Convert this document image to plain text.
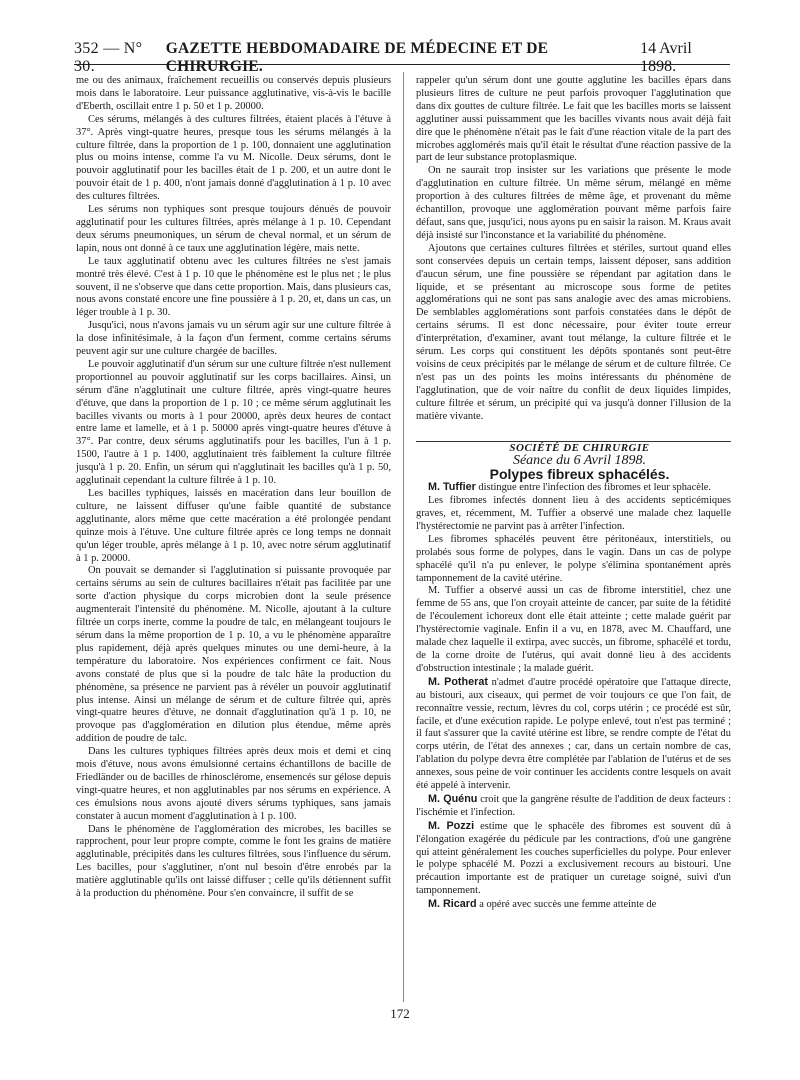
352 — N° 30.
GAZETTE HEBDOMADAIRE DE MÉDECINE ET DE CHIRURGIE.
14 Avril 1898.

me ou des animaux, fraîchement recueillis ou conservés depuis plusieurs mois dans le laboratoire. Leur puissance agglutinative, vis-à-vis le bacille d'Eberth, oscillait entre 1 p. 50 et 1 p. 20000.

Ces sérums, mélangés à des cultures filtrées, étaient placés à l'étuve à 37°. Après vingt-quatre heures, presque tous les sérums mélangés à la culture filtrée, dans la proportion de 1 p. 100, donnaient une agglutination plus ou moins intense, comme l'a vu M. Nicolle. Deux sérums, dont le pouvoir agglutinatif pour les bacilles était de 1 p. 200, et un autre dont le pouvoir était de 1 p. 400, n'ont jamais donné d'agglutination à 1 p. 10 avec des cultures filtrées.

Les sérums non typhiques sont presque toujours dénués de pouvoir agglutinatif pour les cultures filtrées, après mélange à 1 p. 10. Cependant deux sérums pneumoniques, un sérum de cheval normal, et un sérum de lapin, nous ont donné à ce taux une agglutination légère, mais nette.

Le taux agglutinatif obtenu avec les cultures filtrées ne s'est jamais montré très élevé. C'est à 1 p. 10 que le phénomène est le plus net ; le plus souvent, il ne s'observe que dans cette proportion. Mais, dans plusieurs cas, nous avons constaté encore une fine poussière à 1 p. 20, et, dans un cas, un léger trouble à 1 p. 30.

Jusqu'ici, nous n'avons jamais vu un sérum agir sur une culture filtrée à la dose infinitésimale, à la façon d'un ferment, comme certains sérums peuvent agir sur une culture chargée de bacilles.

Le pouvoir agglutinatif d'un sérum sur une culture filtrée n'est nullement proportionnel au pouvoir agglutinatif sur les corps bacillaires. Ainsi, un sérum d'âne n'agglutinait une culture filtrée, après vingt-quatre heures d'étuve, que dans la proportion de 1 p. 10 ; ce même sérum agglutinait les bacilles vivants ou morts à 1 pour 20000, après deux heures de contact entre lame et lamelle, et à 1 p. 50000 après vingt-quatre heures d'étuve à 37°. Par contre, deux sérums agglutinatifs pour les bacilles, l'un à 1 p. 1500, l'autre à 1 p. 1400, agglutinaient très faiblement la culture filtrée jusqu'à 1 p. 20. Enfin, un sérum qui n'agglutinait les bacilles qu'à 1 p. 50, agglutinait cependant la culture filtrée à 1 p. 10.

Les bacilles typhiques, laissés en macération dans leur bouillon de culture, ne laissent diffuser qu'une faible quantité de substance agglutinante, alors même que cette macération a été prolongée pendant quinze mois à l'étuve. Une culture filtrée après ce long temps ne donnait qu'un léger trouble, après mélange à 1 p. 10, avec notre sérum agglutinatif à 1 p. 20000.

On pouvait se demander si l'agglutination si puissante provoquée par certains sérums au sein de cultures bacillaires n'était pas facilitée par une sorte d'action physique du corps microbien dont la seule présence augmenterait l'intensité du phénomène. M. Nicolle, ajoutant à la culture filtrée un corps inerte, comme la poudre de talc, en mélangeant toujours le sérum dans la même proportion de 1 p. 10, a vu le phénomène apparaître plus rapidement, déjà après quelques minutes ou une demi-heure, à la température du laboratoire. Nos expériences confirment ce fait. Nous avons constaté de plus que si la poudre de talc hâte la production du phénomène, sa présence ne parvient pas à révéler un pouvoir agglutinatif plus intense. Ainsi un mélange de sérum et de culture filtrée qui, après vingt-quatre heures d'étuve, ne donnait d'agglutination qu'à 1 p. 10, ne provoque pas d'agglomération en dilution plus étendue, même après addition de poudre de talc.

Dans les cultures typhiques filtrées après deux mois et demi et cinq mois d'étuve, nous avons émulsionné certains échantillons de bacille de Friedländer ou de bacilles de rhinosclérome, ensemencés sur gélose depuis vingt-quatre heures, et non agglutinables par nos sérums en expérience. A ces émulsions nous avons ajouté divers sérums typhiques, sans jamais constater à aucun moment d'agglutination à 1 p. 100.

Dans le phénomène de l'agglomération des microbes, les bacilles se rapprochent, pour leur propre compte, comme le font les grains de matière agglutinable, précipités dans les cultures filtrées, sous l'influence du sérum. Les bacilles, pour s'agglutiner, n'ont nul besoin d'être enrobés par la matière agglutinable qu'ils ont laissé diffuser ; celle qu'ils détiennent suffit à la production du phénomène. Pour s'en convaincre, il suffit de se

rappeler qu'un sérum dont une goutte agglutine les bacilles épars dans plusieurs litres de culture ne peut parfois provoquer l'agglutination que dans dix gouttes de culture filtrée. Le fait que les bacilles morts se laissent agglutiner aussi puissamment que les bacilles vivants nous avait déjà fait dire que le phénomène n'était pas le fait d'une réaction vitale de la part des microbes agglomérés mais qu'il était le résultat d'une réaction passive de la part de leur substance protoplasmique.

On ne saurait trop insister sur les variations que présente le mode d'agglutination en culture filtrée. Un même sérum, mélangé en même proportion à des cultures filtrées de même âge, et provenant du même échantillon, provoque une agglomération pouvant même parfois faire défaut, sans que, jusqu'ici, nous ayons pu en saisir la raison. M. Kraus avait déjà insisté sur l'inconstance et la variabilité du phénomène.

Ajoutons que certaines cultures filtrées et stériles, surtout quand elles sont conservées depuis un certain temps, laissent déposer, sans addition d'aucun sérum, une fine poussière se répendant par agitation dans le liquide, et se présentant au microscope sous forme de petites agglomérations qui ne sont pas sans analogie avec des amas microbiens. De semblables agglomérations sont parfois constatées dans le dépôt de certains sérums. Il est donc nécessaire, pour éviter toute erreur d'interprétation, d'examiner, avant tout mélange, la culture filtrée et le sérum. Les corps qui constituent les dépôts spontanés sont peut-être voisins de ceux précipités par le mélange de sérum et de culture filtrée. Ce n'est pas un des points les moins intéressants du phénomène de l'agglutination, que de voir naître du conflit de deux liquides limpides, culture filtrée et sérum, un précipité qui va jusqu'à donner l'illusion de la matière vivante.

SOCIÉTÉ DE CHIRURGIE

Séance du 6 Avril 1898.

Polypes fibreux sphacélés.

M. Tuffier distingue entre l'infection des fibromes et leur sphacèle.

Les fibromes infectés donnent lieu à des accidents septicémiques graves, et, récemment, M. Tuffier a observé une malade chez laquelle l'hystérectomie ne parvint pas à arrêter l'infection.

Les fibromes sphacélés peuvent être péritonéaux, interstitiels, ou prolabés sous forme de polypes, dans le vagin. Dans un cas de polype sphacélé qu'il n'a pu enlever, le polype s'élimina spontanément après tamponnement de la cavité utérine.

M. Tuffier a observé aussi un cas de fibrome interstitiel, chez une femme de 55 ans, que l'on croyait atteinte de cancer, par suite de la fétidité de l'écoulement ichoreux dont elle était atteinte ; cette malade guérit par l'hystérectomie vaginale. Enfin il a vu, en 1878, avec M. Chauffard, une malade chez laquelle il extirpa, avec succès, un fibrome, sphacélé et tordu, de la corne droite de l'utérus, qui avait donné lieu à des accidents d'obstruction intestinale ; la malade guérit.

M. Potherat n'admet d'autre procédé opératoire que l'attaque directe, au bistouri, aux ciseaux, qui permet de voir toujours ce que l'on fait, de reconnaître vessie, rectum, lèvres du col, corps utérin ; ce procédé est sûr, facile, et d'une exécution rapide. Le polype enlevé, tout n'est pas terminé ; il faut s'assurer que la cavité utérine est libre, se rendre compte de l'état du corps utérin, de l'état des annexes ; car, dans un certain nombre de cas, l'ablation du polype devra être complétée par l'ablation de l'utérus et de ses annexes, sous peine de voir continuer les accidents contre lesquels on avait été appelé à intervenir.

M. Quénu croit que la gangrène résulte de l'addition de deux facteurs : l'ischémie et l'infection.

M. Pozzi estime que le sphacèle des fibromes est souvent dû à l'élongation exagérée du pédicule par les contractions, d'où une gangrène qui atteint généralement les couches superficielles du polype. Pour enlever le polype sphacélé M. Pozzi a exclusivement recours au bistouri. Une précaution importante est de pratiquer un curetage soigné, suivi d'un tamponnement.

M. Ricard a opéré avec succès une femme atteinte de

172
